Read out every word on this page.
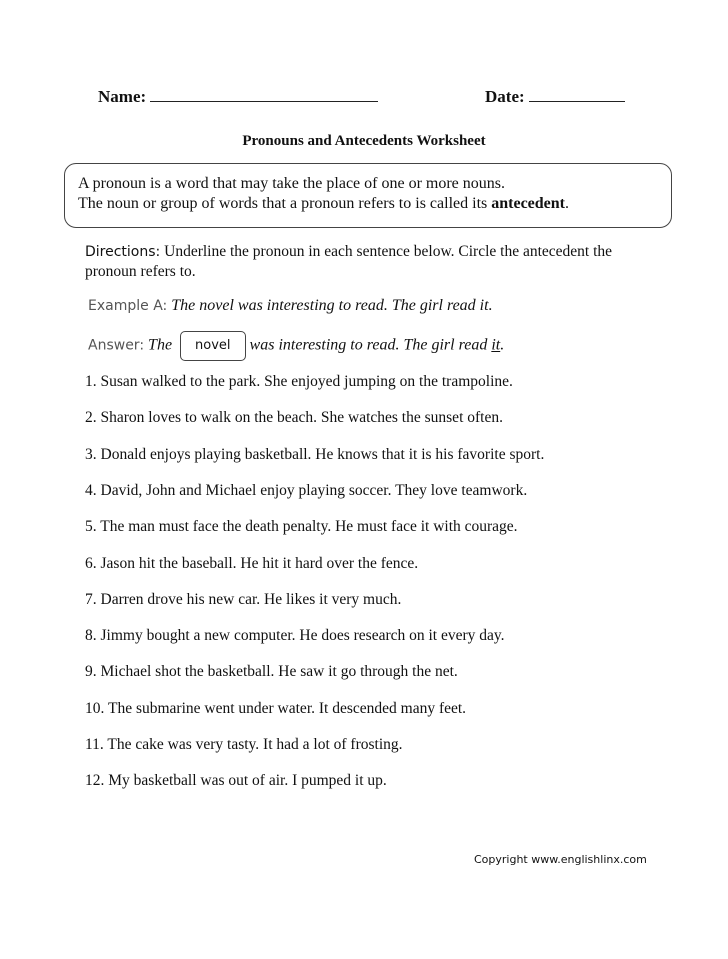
Name:	Date:
Pronouns and Antecedents Worksheet

A pronoun is a word that may take the place of one or more nouns.

The noun or group of words that a pronoun refers to is called its antecedent.

Directions: Underline the pronoun in each sentence below. Circle the antecedent the pronoun refers to.
Example A: The novel was interesting to read. The girl read it.
Answer: The novel was interesting to read. The girl read it.
1. Susan walked to the park. She enjoyed jumping on the trampoline.
2. Sharon loves to walk on the beach. She watches the sunset often.
3. Donald enjoys playing basketball. He knows that it is his favorite sport.
4. David, John and Michael enjoy playing soccer. They love teamwork.
5. The man must face the death penalty. He must face it with courage.
6. Jason hit the baseball. He hit it hard over the fence.
7. Darren drove his new car. He likes it very much.
8. Jimmy bought a new computer. He does research on it every day.
9. Michael shot the basketball. He saw it go through the net.
10. The submarine went under water. It descended many feet.
11. The cake was very tasty. It had a lot of frosting.
12. My basketball was out of air. I pumped it up.
Copyright www.englishlinx.com
